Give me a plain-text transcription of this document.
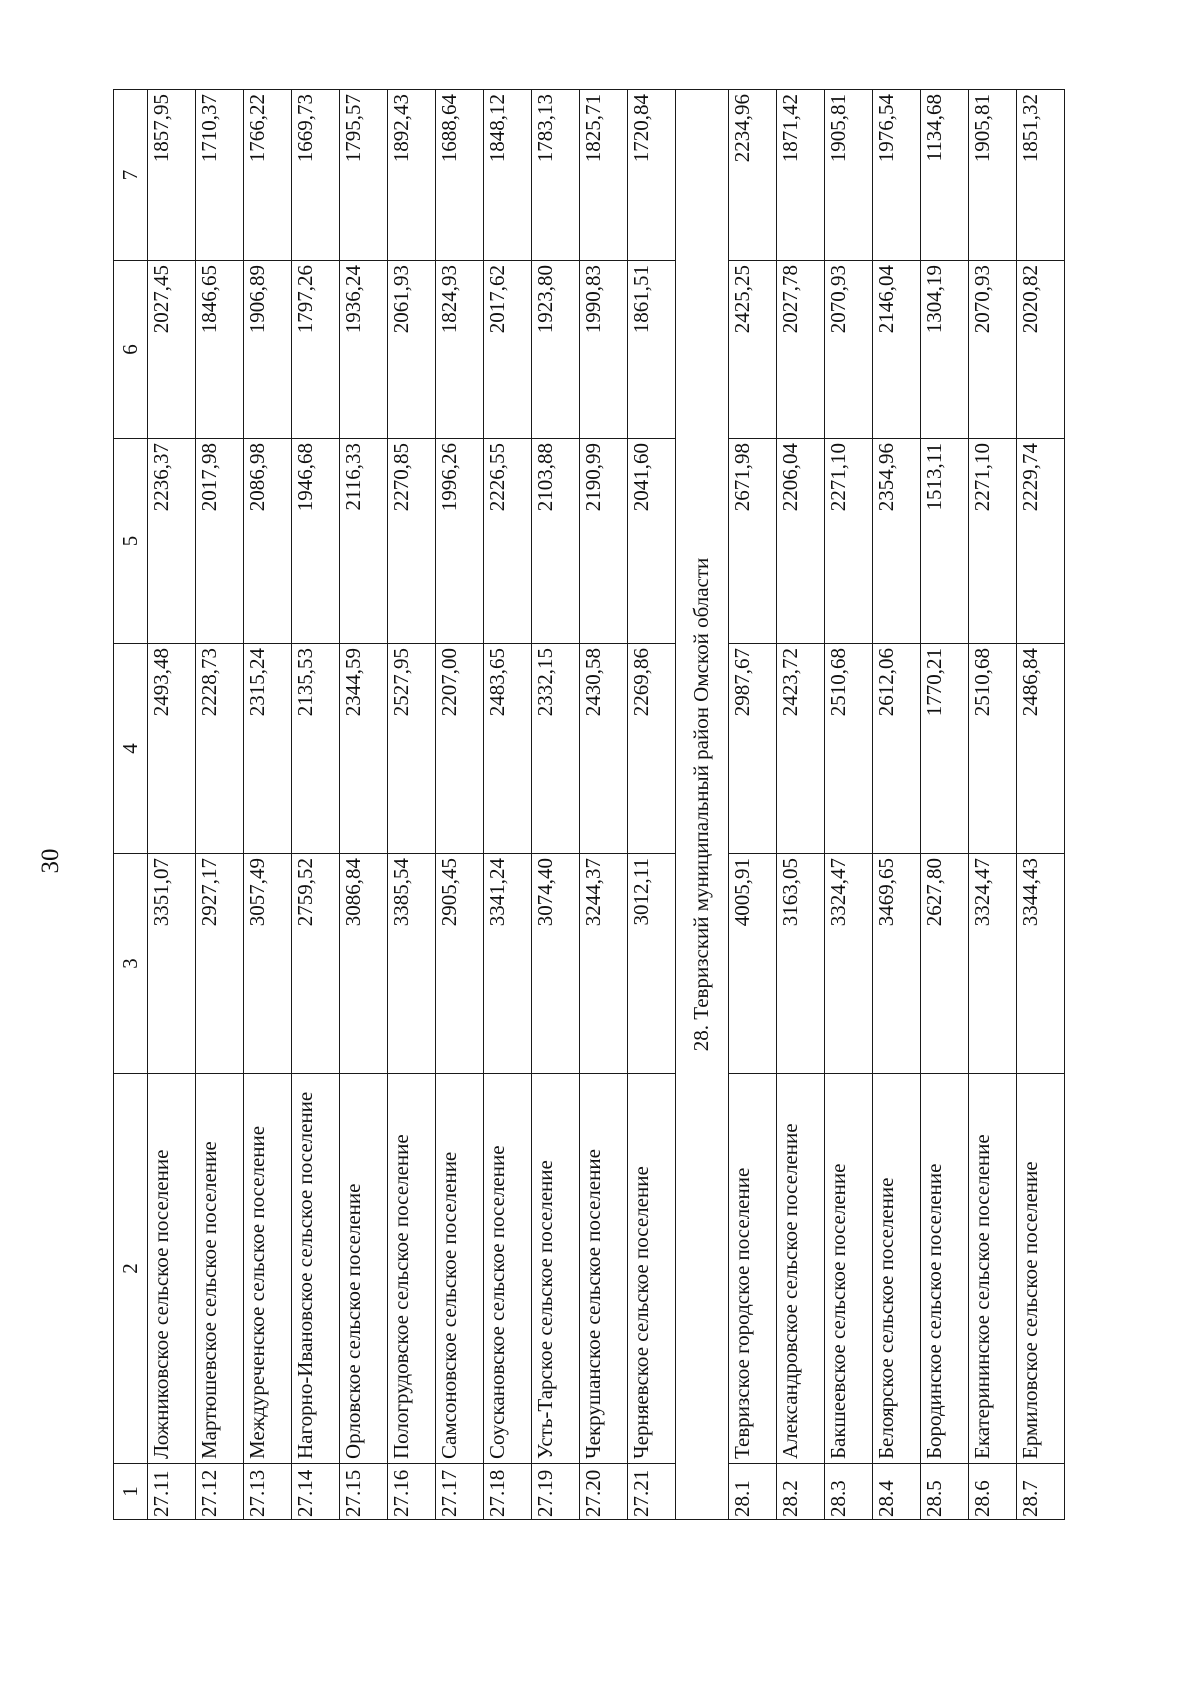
30
1	2	3	4	5	6	7
27.11	Ложниковское сельское поселение	3351,07	2493,48	2236,37	2027,45	1857,95
27.12	Мартюшевское сельское поселение	2927,17	2228,73	2017,98	1846,65	1710,37
27.13	Междуреченское сельское поселение	3057,49	2315,24	2086,98	1906,89	1766,22
27.14	Нагорно-Ивановское сельское поселение	2759,52	2135,53	1946,68	1797,26	1669,73
27.15	Орловское сельское поселение	3086,84	2344,59	2116,33	1936,24	1795,57
27.16	Пологрудовское сельское поселение	3385,54	2527,95	2270,85	2061,93	1892,43
27.17	Самсоновское сельское поселение	2905,45	2207,00	1996,26	1824,93	1688,64
27.18	Соускановское сельское поселение	3341,24	2483,65	2226,55	2017,62	1848,12
27.19	Усть-Тарское сельское поселение	3074,40	2332,15	2103,88	1923,80	1783,13
27.20	Чекрушанское сельское поселение	3244,37	2430,58	2190,99	1990,83	1825,71
27.21	Черняевское сельское поселение	3012,11	2269,86	2041,60	1861,51	1720,84
28. Тевризский муниципальный район Омской области						
28.1	Тевризское городское поселение	4005,91	2987,67	2671,98	2425,25	2234,96
28.2	Александровское сельское поселение	3163,05	2423,72	2206,04	2027,78	1871,42
28.3	Бакшеевское сельское поселение	3324,47	2510,68	2271,10	2070,93	1905,81
28.4	Белоярское сельское поселение	3469,65	2612,06	2354,96	2146,04	1976,54
28.5	Бородинское сельское поселение	2627,80	1770,21	1513,11	1304,19	1134,68
28.6	Екатерининское сельское поселение	3324,47	2510,68	2271,10	2070,93	1905,81
28.7	Ермиловское сельское поселение	3344,43	2486,84	2229,74	2020,82	1851,32
